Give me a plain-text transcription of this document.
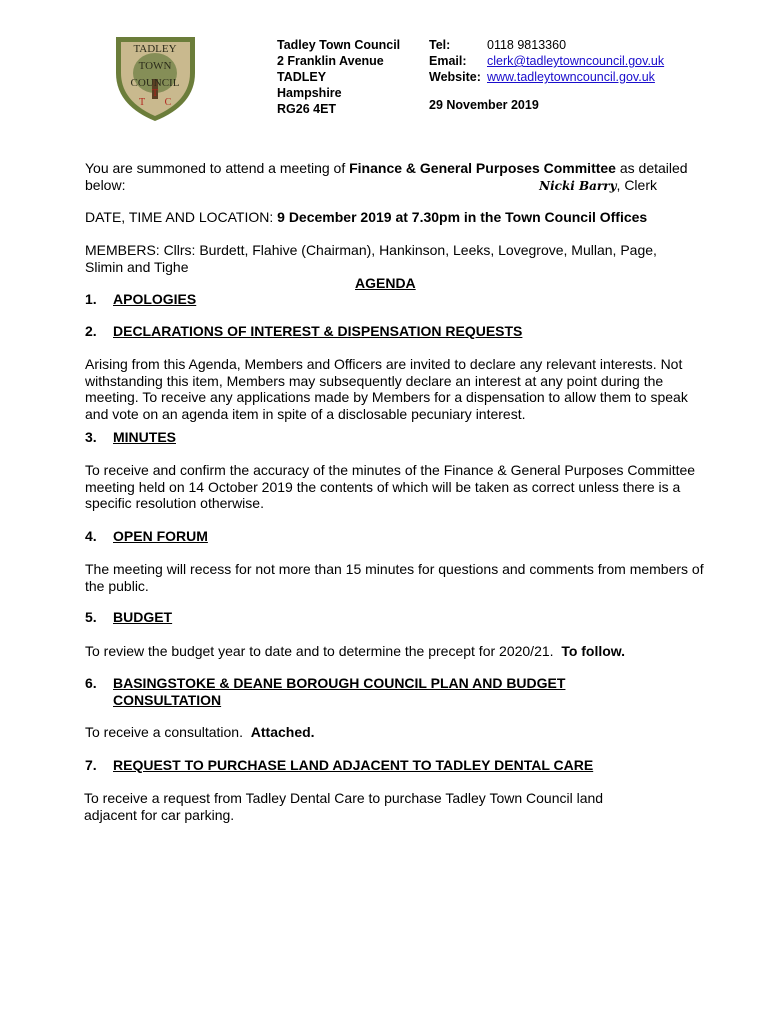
TADLEY
TOWN
COUNCIL
T
T
C
Tadley Town Council
2 Franklin Avenue
TADLEY
Hampshire
RG26 4ET
Tel:	0118 9813360
Email:	clerk@tadleytowncouncil.gov.uk
Website: www.tadleytowncouncil.gov.uk
29 November 2019
You are summoned to attend a meeting of Finance & General Purposes Committee as detailed
below:	Nicki Barry, Clerk
DATE, TIME AND LOCATION: 9 December 2019 at 7.30pm in the Town Council Offices
MEMBERS: Cllrs: Burdett, Flahive (Chairman), Hankinson, Leeks, Lovegrove, Mullan, Page,
Slimin and Tighe
AGENDA
1.	APOLOGIES
2.	DECLARATIONS OF INTEREST & DISPENSATION REQUESTS
Arising from this Agenda, Members and Officers are invited to declare any relevant interests. Not
withstanding this item, Members may subsequently declare an interest at any point during the
meeting. To receive any applications made by Members for a dispensation to allow them to speak
and vote on an agenda item in spite of a disclosable pecuniary interest.
3.	MINUTES
To receive and confirm the accuracy of the minutes of the Finance & General Purposes Committee
meeting held on 14 October 2019 the contents of which will be taken as correct unless there is a
specific resolution otherwise.
4.	OPEN FORUM
The meeting will recess for not more than 15 minutes for questions and comments from members of
the public.
5.	BUDGET
To review the budget year to date and to determine the precept for 2020/21.  To follow.
6.	BASINGSTOKE & DEANE BOROUGH COUNCIL PLAN AND BUDGET
CONSULTATION
To receive a consultation.  Attached.
7.	REQUEST TO PURCHASE LAND ADJACENT TO TADLEY DENTAL CARE
To receive a request from Tadley Dental Care to purchase Tadley Town Council land
adjacent for car parking.
